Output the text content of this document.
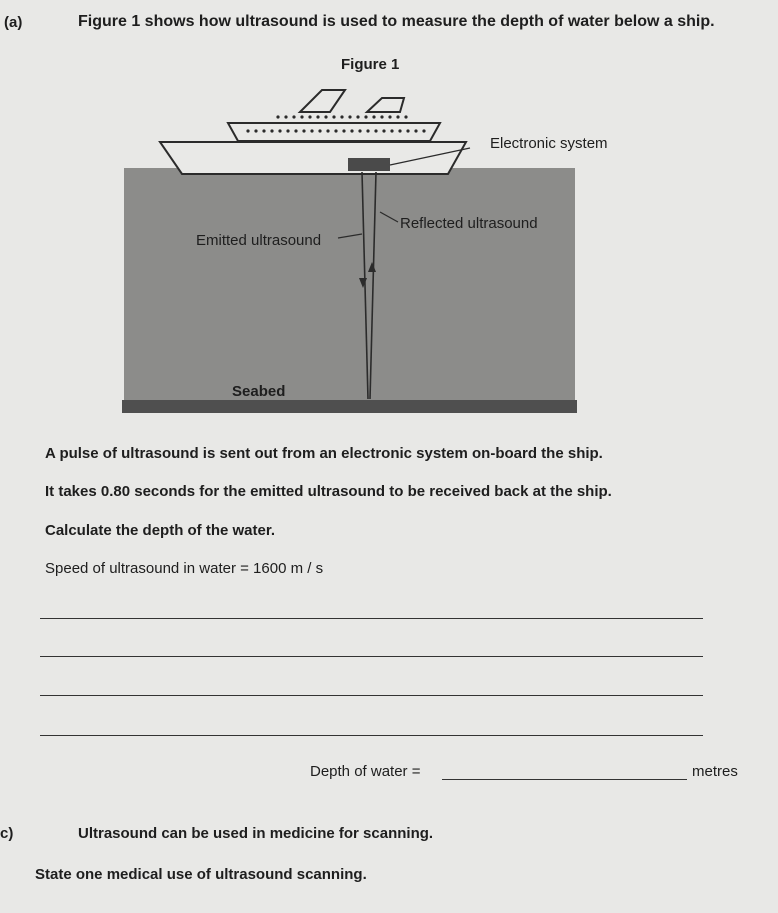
(a)	Figure 1 shows how ultrasound is used to measure the depth of water below a ship.
Figure 1
Electronic system
Reflected ultrasound
Emitted ultrasound
Seabed
A pulse of ultrasound is sent out from an electronic system on-board the ship.
It takes 0.80 seconds for the emitted ultrasound to be received back at the ship.
Calculate the depth of the water.
Speed of ultrasound in water = 1600 m / s
Depth of water =	metres
c)	Ultrasound can be used in medicine for scanning.
State one medical use of ultrasound scanning.
